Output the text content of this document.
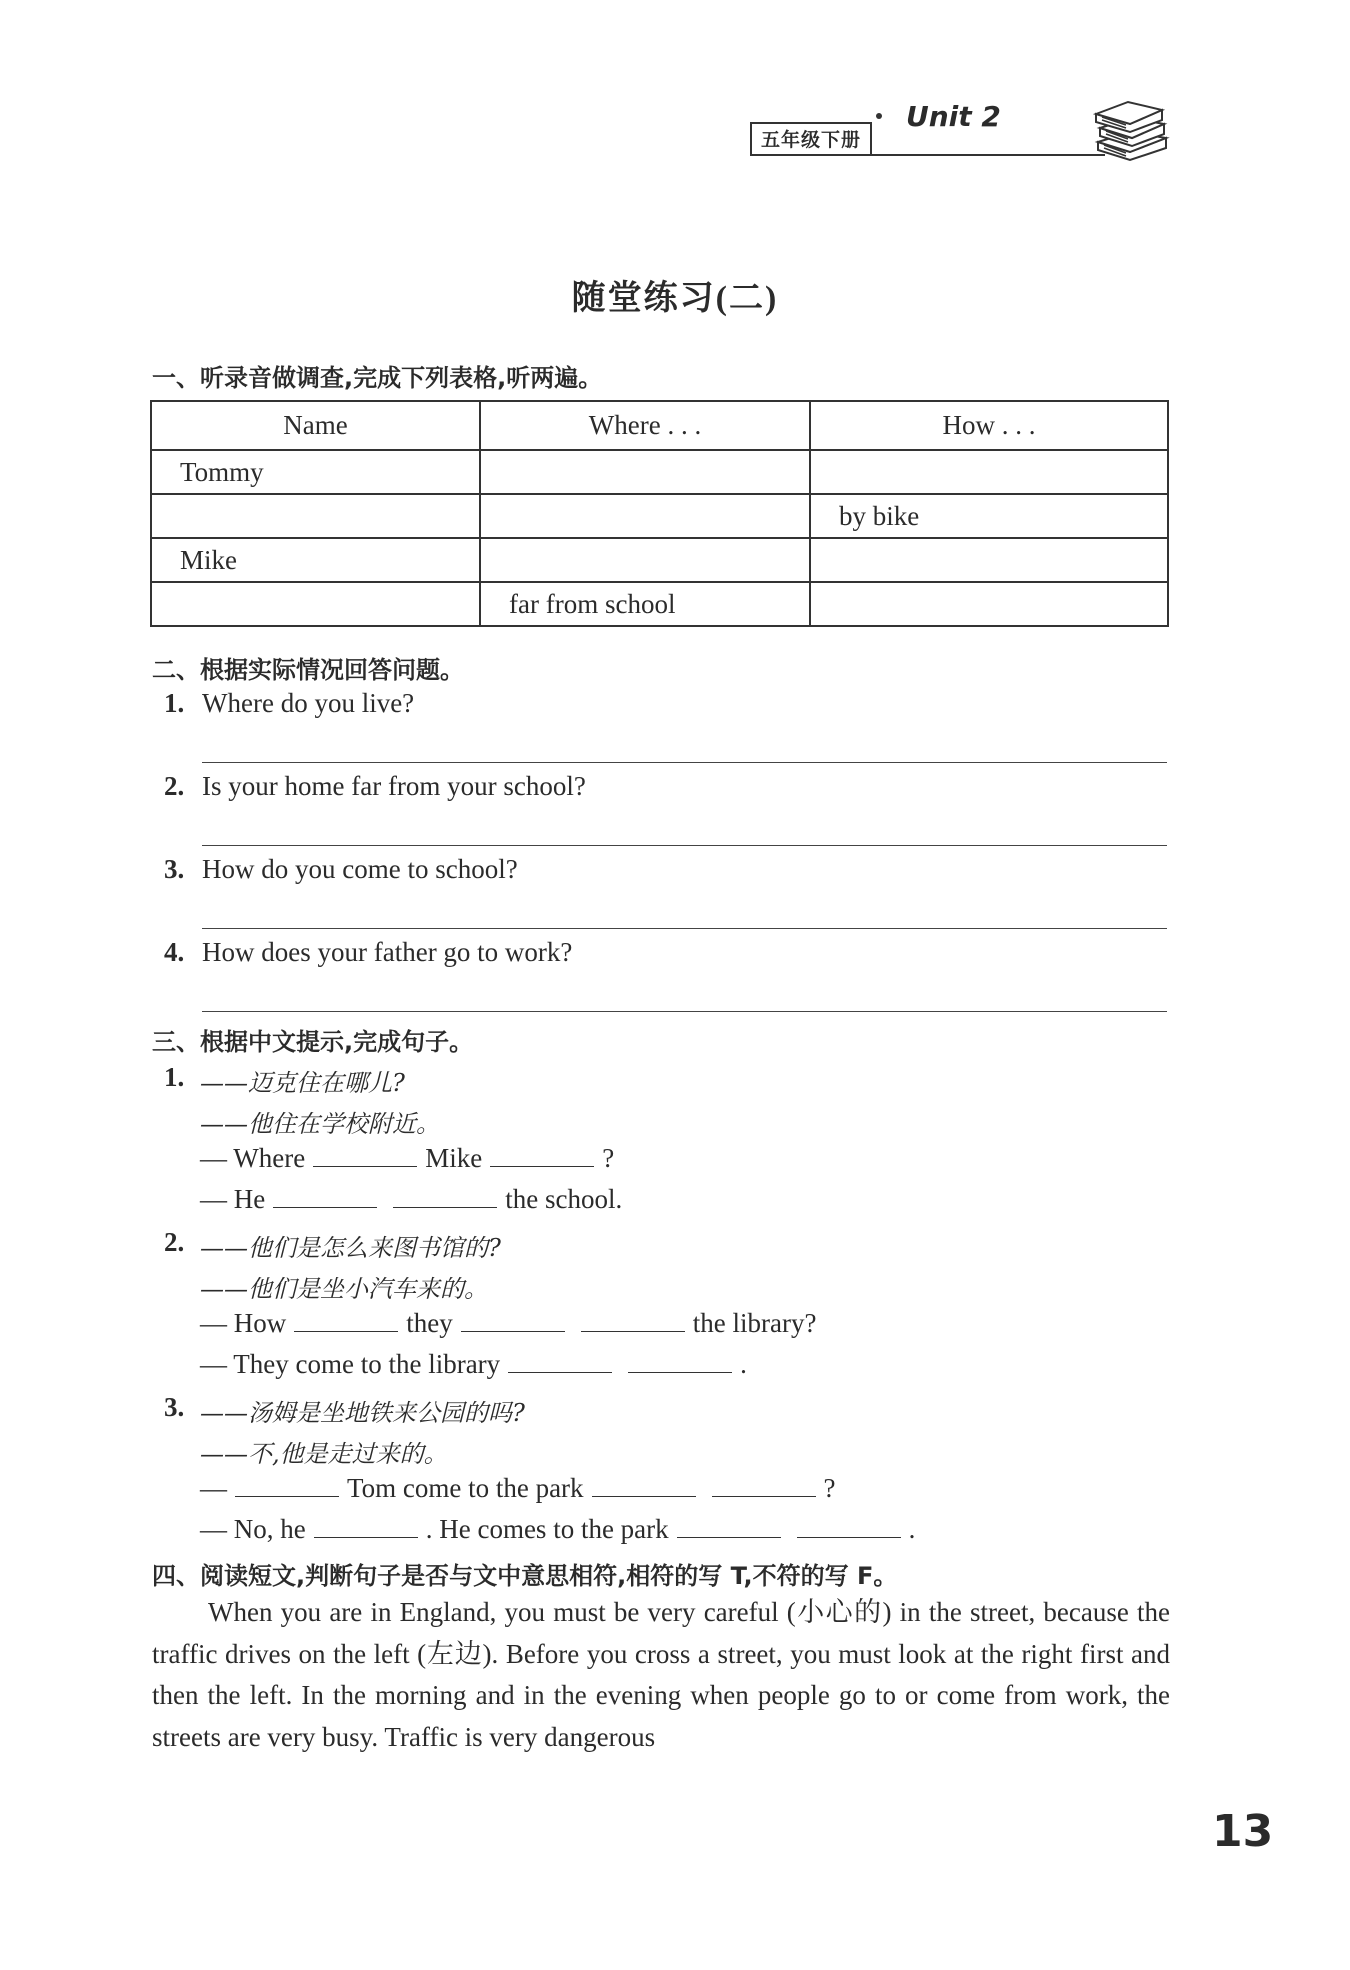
五年级下册
Unit 2
随堂练习(二)
一、听录音做调查,完成下列表格,听两遍。
Name	Where . . .	How . . .
Tommy		
		by bike
Mike		
	far from school	
二、根据实际情况回答问题。
1. Where do you live?
2. Is your home far from your school?
3. How do you come to school?
4. How does your father go to work?
三、根据中文提示,完成句子。
1. ——迈克住在哪儿?
——他住在学校附近。
— Where	Mike	?
— He	the school.
2. ——他们是怎么来图书馆的?
——他们是坐小汽车来的。
— How	they	the library?
— They come to the library	.
3. ——汤姆是坐地铁来公园的吗?
——不,他是走过来的。
—	Tom come to the park	?
— No, he	. He comes to the park	.
四、阅读短文,判断句子是否与文中意思相符,相符的写 T,不符的写 F。

When you are in England, you must be very careful (小心的) in the street, because the traffic drives on the left (左边). Before you cross a street, you must look at the right first and then the left. In the morning and in the evening when people go to or come from work, the streets are very busy. Traffic is very dangerous

13
